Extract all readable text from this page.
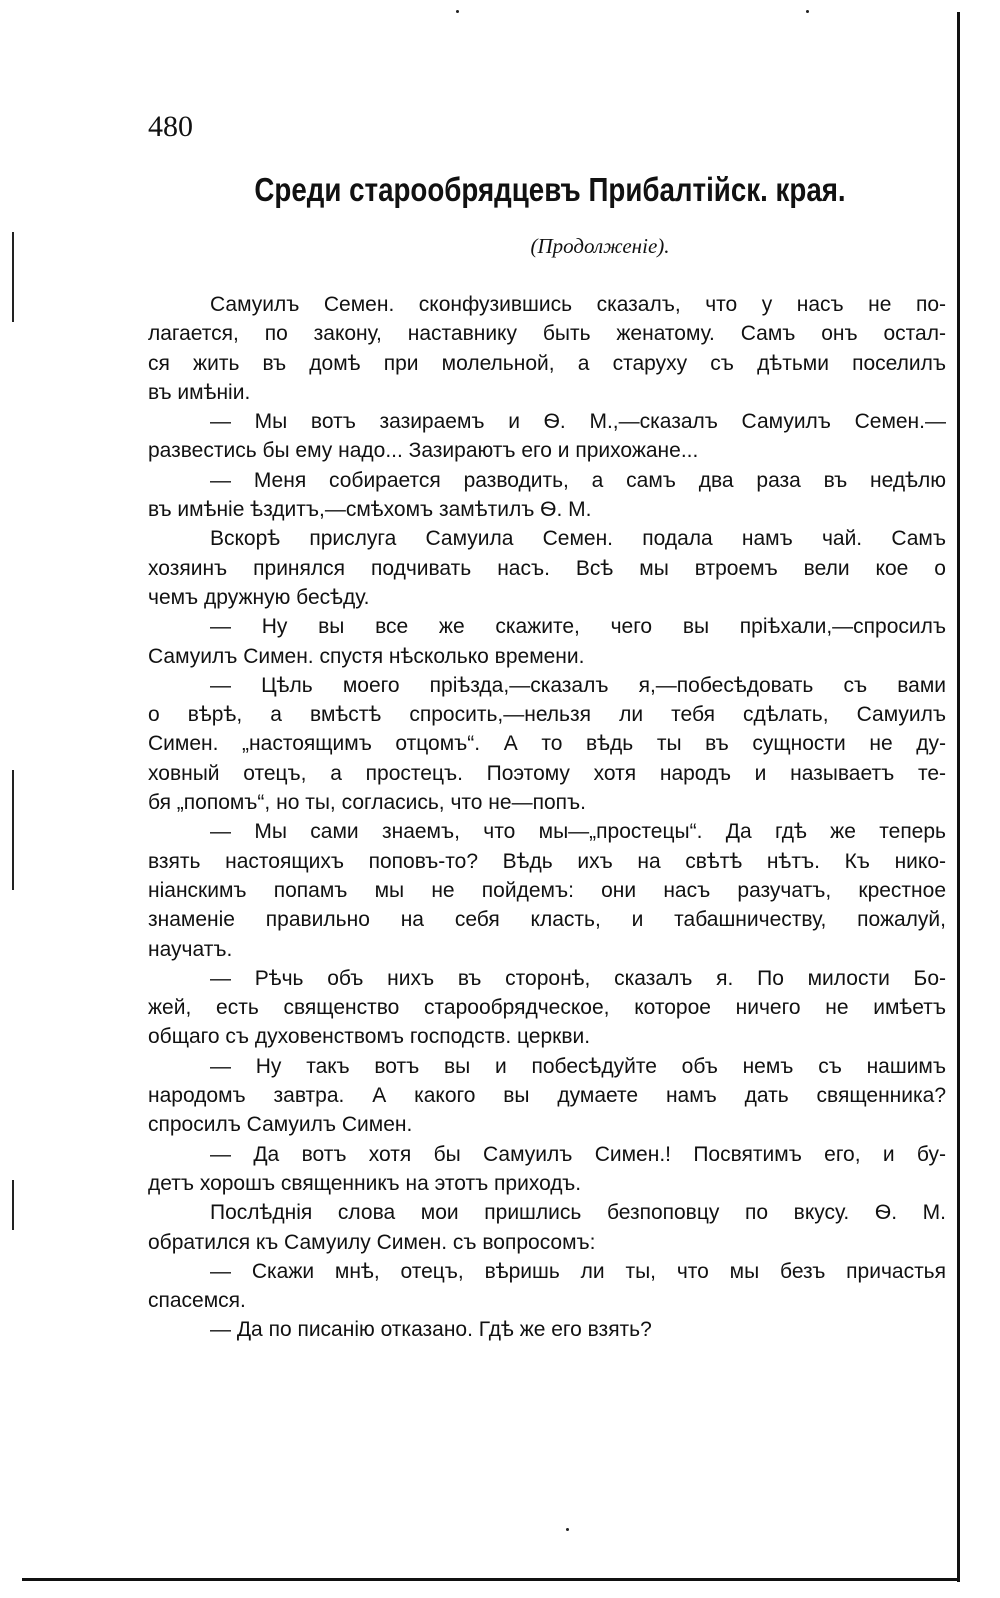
480
Среди старообрядцевъ Прибалтійск. края.
(Продолженіе).
Самуилъ Семен. сконфузившись сказалъ, что у насъ не по-
лагается, по закону, наставнику быть женатому. Самъ онъ остал-
ся жить въ домѣ при молельной, а старуху съ дѣтьми поселилъ
въ имѣніи.
— Мы вотъ зазираемъ и Ѳ. М.,—сказалъ Самуилъ Семен.—
развестись бы ему надо... Зазираютъ его и прихожане...
— Меня собирается разводить, а самъ два раза въ недѣлю
въ имѣніе ѣздитъ,—смѣхомъ замѣтилъ Ѳ. М.
Вскорѣ прислуга Самуила Семен. подала намъ чай. Самъ
хозяинъ принялся подчивать насъ. Всѣ мы втроемъ вели кое о
чемъ дружную бесѣду.
— Ну вы все же скажите, чего вы пріѣхали,—спросилъ
Самуилъ Симен. спустя нѣсколько времени.
— Цѣль моего пріѣзда,—сказалъ я,—побесѣдовать съ вами
о вѣрѣ, а вмѣстѣ спросить,—нельзя ли тебя сдѣлать, Самуилъ
Симен. „настоящимъ отцомъ“. А то вѣдь ты въ сущности не ду-
ховный отецъ, а простецъ. Поэтому хотя народъ и называетъ те-
бя „попомъ“, но ты, согласись, что не—попъ.
— Мы сами знаемъ, что мы—„простецы“. Да гдѣ же теперь
взять настоящихъ поповъ-то? Вѣдь ихъ на свѣтѣ нѣтъ. Къ нико-
ніанскимъ попамъ мы не пойдемъ: они насъ разучатъ, крестное
знаменіе правильно на себя класть, и табашничеству, пожалуй,
научатъ.
— Рѣчь объ нихъ въ сторонѣ, сказалъ я. По милости Бо-
жей, есть священство старообрядческое, которое ничего не имѣетъ
общаго съ духовенствомъ господств. церкви.
— Ну такъ вотъ вы и побесѣдуйте объ немъ съ нашимъ
народомъ завтра. А какого вы думаете намъ дать священника?
спросилъ Самуилъ Симен.
— Да вотъ хотя бы Самуилъ Симен.! Посвятимъ его, и бу-
детъ хорошъ священникъ на этотъ приходъ.
Послѣднія слова мои пришлись безпоповцу по вкусу. Ѳ. М.
обратился къ Самуилу Симен. съ вопросомъ:
— Скажи мнѣ, отецъ, вѣришь ли ты, что мы безъ причастья
спасемся.
— Да по писанію отказано. Гдѣ же его взять?
